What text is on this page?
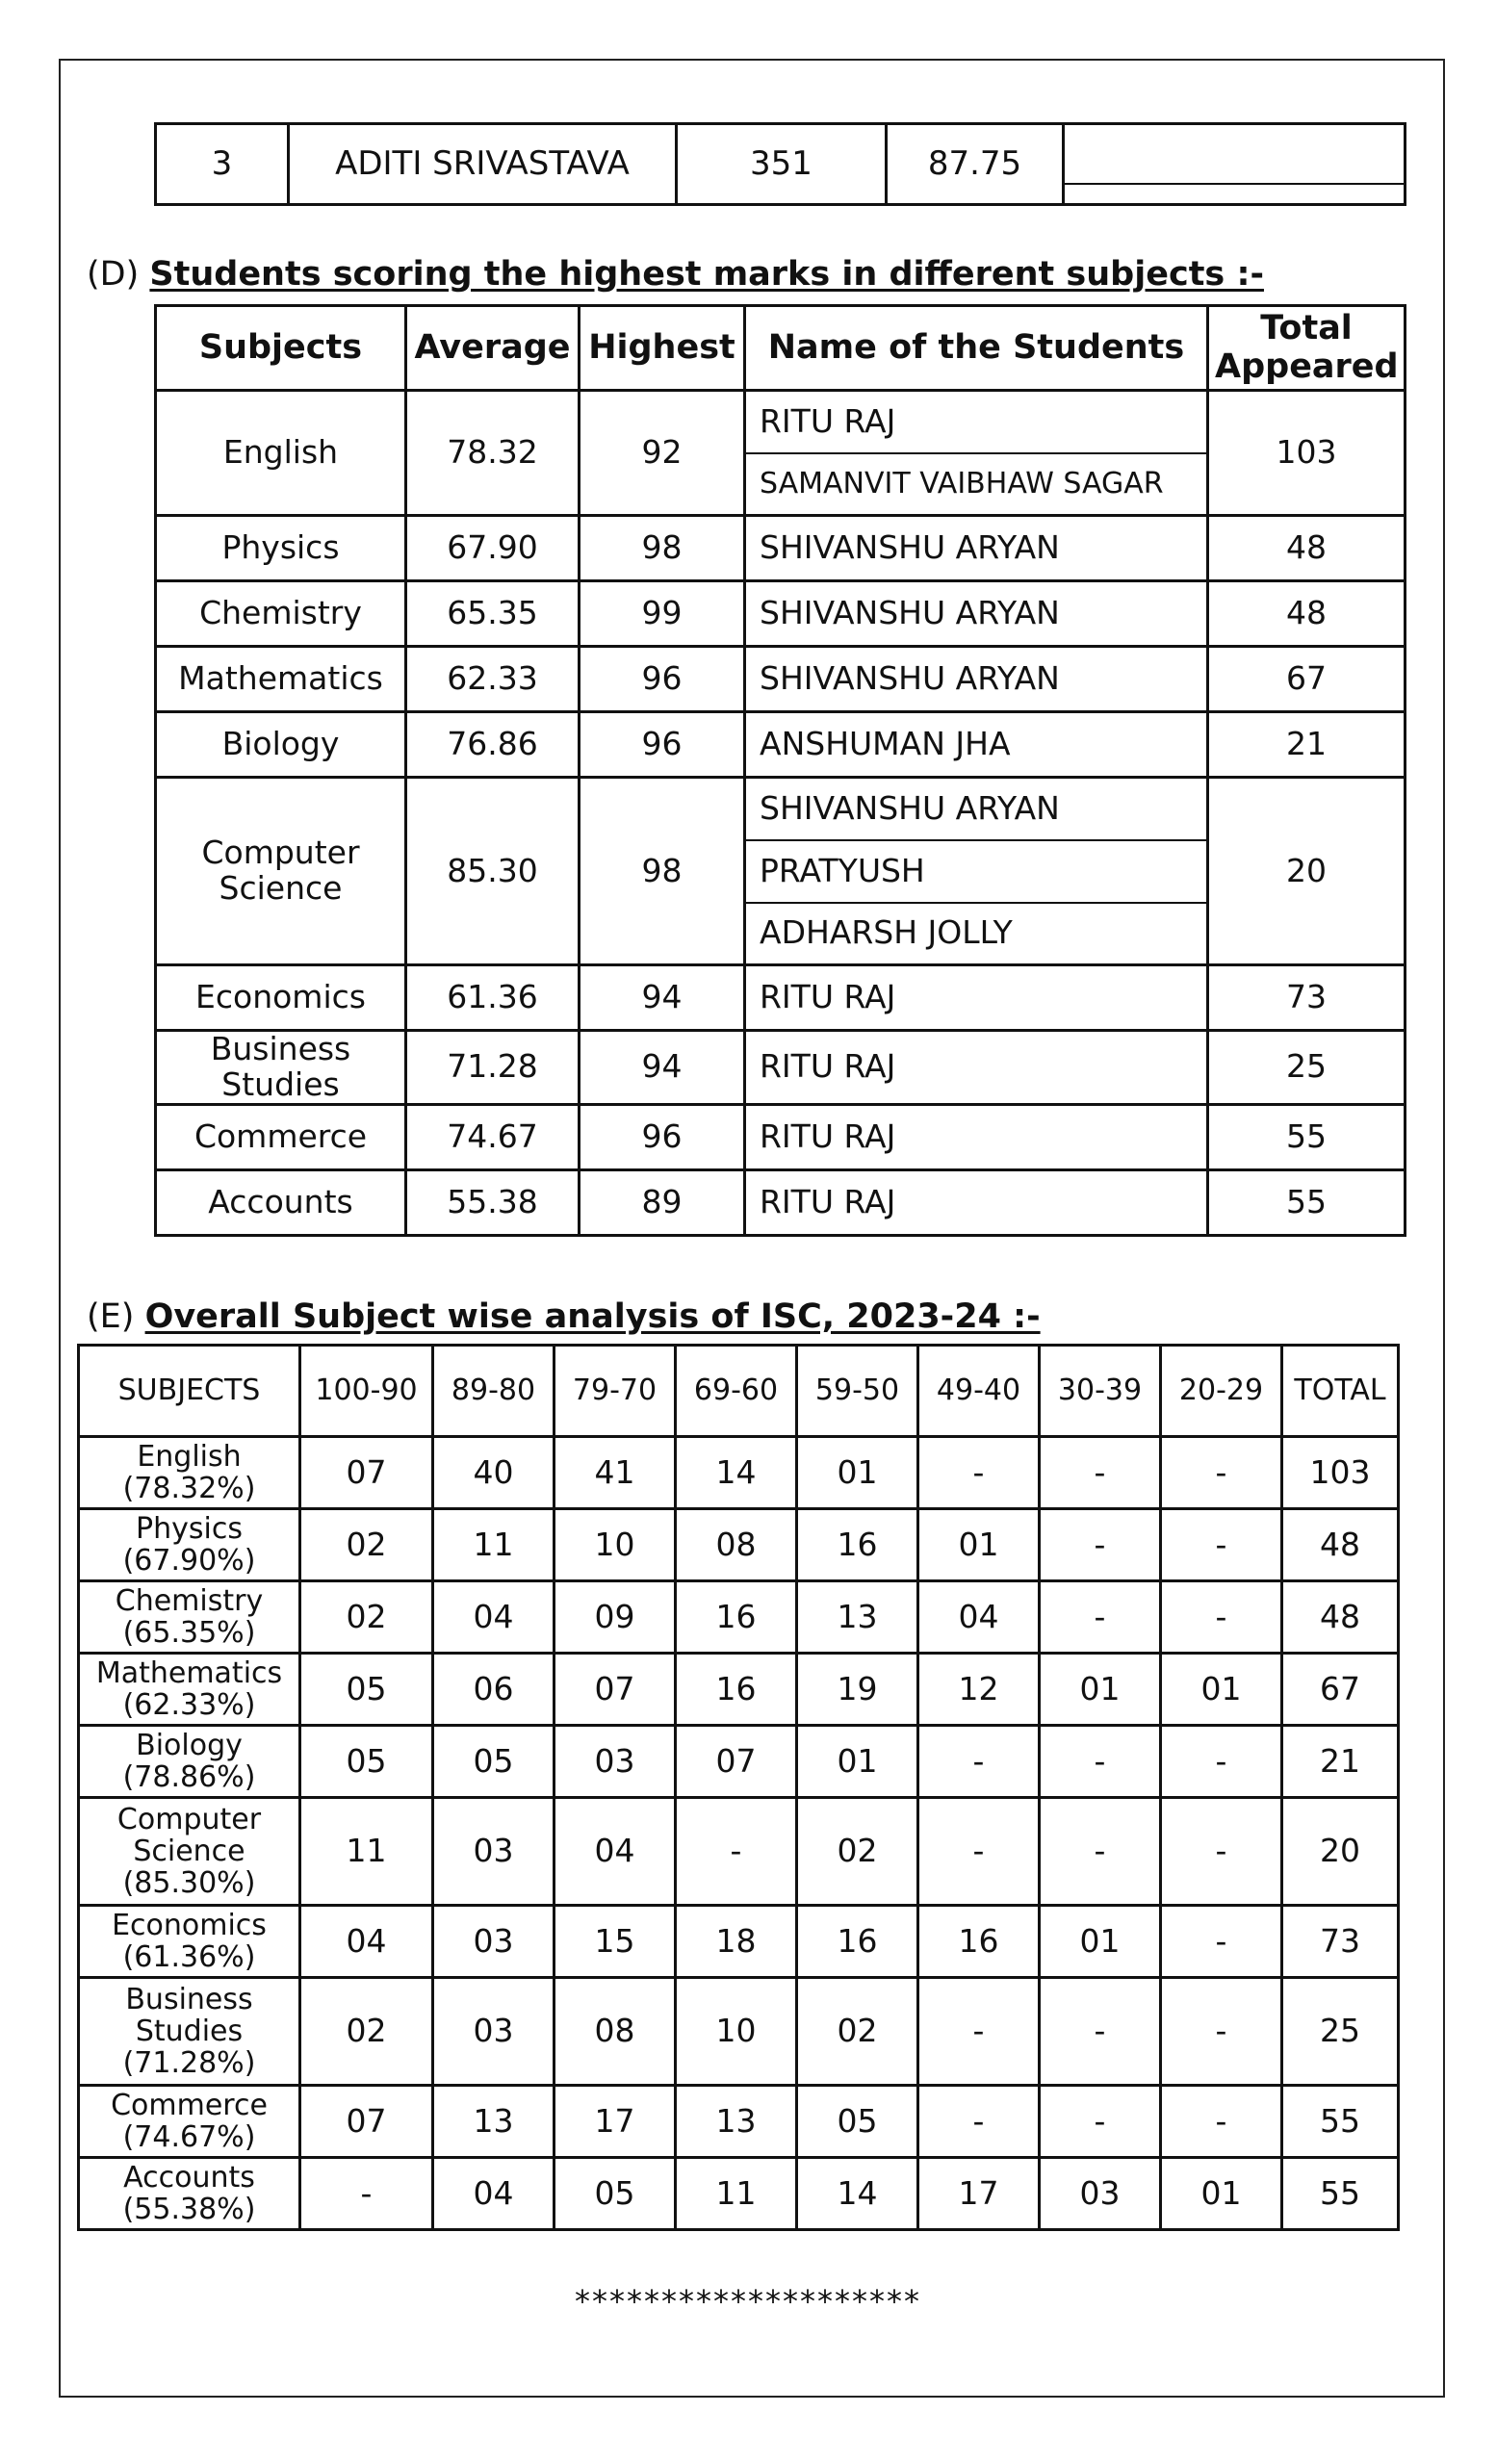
3	ADITI SRIVASTAVA	351	87.75	
(D) Students scoring the highest marks in different subjects :-
Subjects	Average	Highest	Name of the Students	Total Appeared
English	78.32	92	RITU RAJ	103
			SAMANVIT VAIBHAW SAGAR	
Physics	67.90	98	SHIVANSHU ARYAN	48
Chemistry	65.35	99	SHIVANSHU ARYAN	48
Mathematics	62.33	96	SHIVANSHU ARYAN	67
Biology	76.86	96	ANSHUMAN JHA	21
Computer
Science	85.30	98	SHIVANSHU ARYAN	20
			PRATYUSH	
			ADHARSH JOLLY	
Economics	61.36	94	RITU RAJ	73
Business
Studies	71.28	94	RITU RAJ	25
Commerce	74.67	96	RITU RAJ	55
Accounts	55.38	89	RITU RAJ	55
(E) Overall Subject wise analysis of ISC, 2023-24 :-
SUBJECTS	100-90	89-80	79-70	69-60	59-50	49-40	30-39	20-29	TOTAL

English
(78.32%)	07	40	41	14	01	-	-	-	103

Physics
(67.90%)	02	11	10	08	16	01	-	-	48

Chemistry
(65.35%)	02	04	09	16	13	04	-	-	48

Mathematics
(62.33%)	05	06	07	16	19	12	01	01	67

Biology
(78.86%)	05	05	03	07	01	-	-	-	21

Computer
Science
(85.30%)	11	03	04	-	02	-	-	-	20

Economics
(61.36%)	04	03	15	18	16	16	01	-	73

Business
Studies
(71.28%)	02	03	08	10	02	-	-	-	25

Commerce
(74.67%)	07	13	17	13	05	-	-	-	55

Accounts
(55.38%)	-	04	05	11	14	17	03	01	55
********************
